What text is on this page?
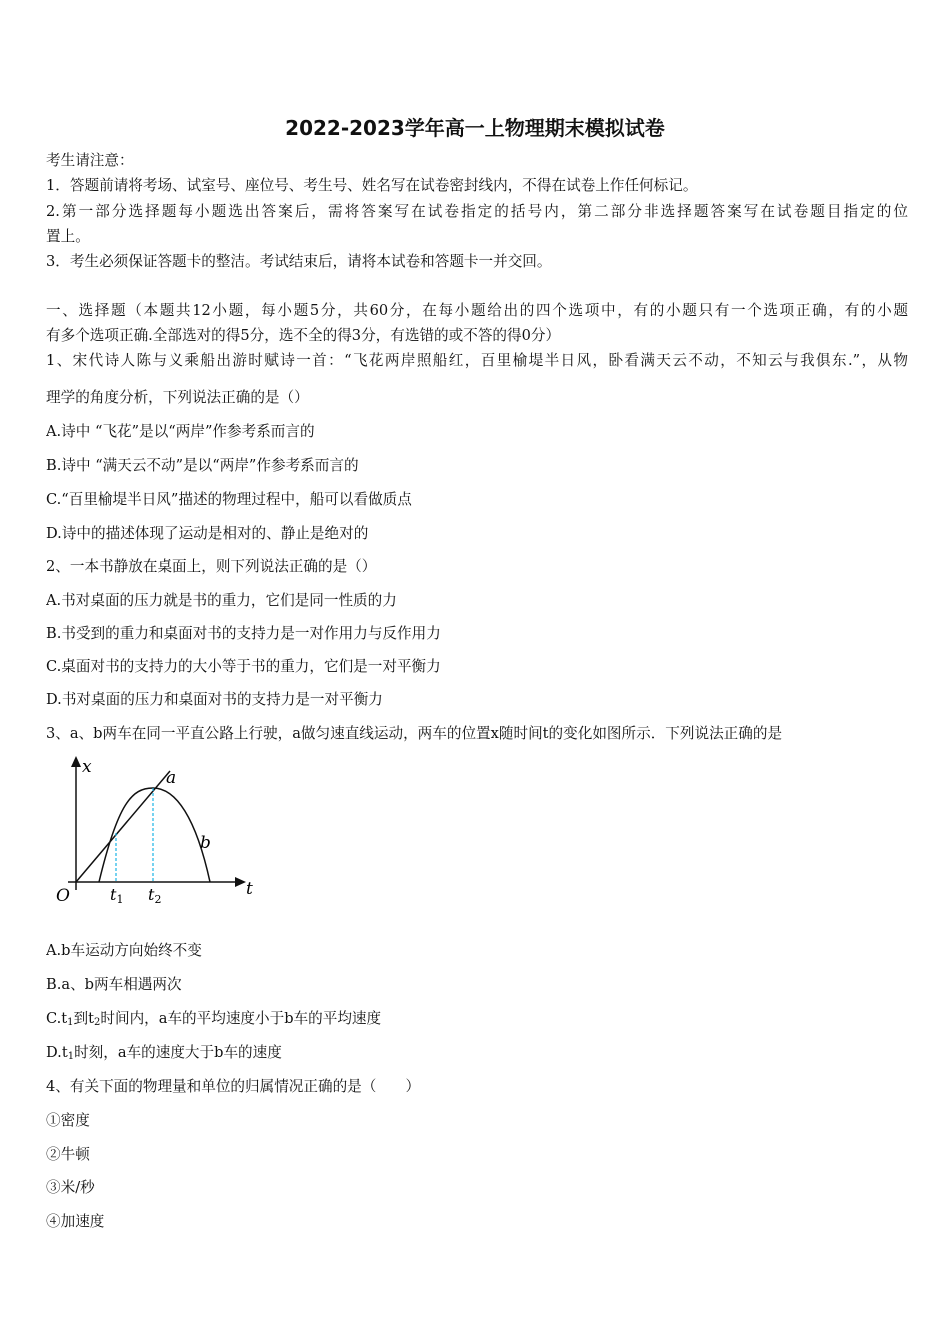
2022-2023学年高一上物理期末模拟试卷
考生请注意：
1．答题前请将考场、试室号、座位号、考生号、姓名写在试卷密封线内，不得在试卷上作任何标记。
2.第一部分选择题每小题选出答案后，需将答案写在试卷指定的括号内，第二部分非选择题答案写在试卷题目指定的位
置上。
3．考生必须保证答题卡的整洁。考试结束后，请将本试卷和答题卡一并交回。
一、选择题（本题共12小题，每小题5分，共60分，在每小题给出的四个选项中，有的小题只有一个选项正确，有的小题
有多个选项正确.全部选对的得5分，选不全的得3分，有选错的或不答的得0分）
1、宋代诗人陈与义乘船出游时赋诗一首：“飞花两岸照船红，百里榆堤半日风，卧看满天云不动，不知云与我俱东.”，从物
理学的角度分析，下列说法正确的是（）
A.诗中 “飞花”是以“两岸”作参考系而言的
B.诗中 “满天云不动”是以“两岸”作参考系而言的
C.“百里榆堤半日风”描述的物理过程中，船可以看做质点
D.诗中的描述体现了运动是相对的、静止是绝对的
2、一本书静放在桌面上，则下列说法正确的是（）
A.书对桌面的压力就是书的重力，它们是同一性质的力
B.书受到的重力和桌面对书的支持力是一对作用力与反作用力
C.桌面对书的支持力的大小等于书的重力，它们是一对平衡力
D.书对桌面的压力和桌面对书的支持力是一对平衡力
3、a、b两车在同一平直公路上行驶，a做匀速直线运动，两车的位置x随时间t的变化如图所示．下列说法正确的是
x
t
O
a
b
t1 t2
A.b车运动方向始终不变
B.a、b两车相遇两次
$C.t_1$到$t_2$时间内，a车的平均速度小于b车的平均速度
$D.t_1$时刻，a车的速度大于b车的速度
4、有关下面的物理量和单位的归属情况正确的是（　　）
①密度
②牛顿
③米/秒
④加速度
